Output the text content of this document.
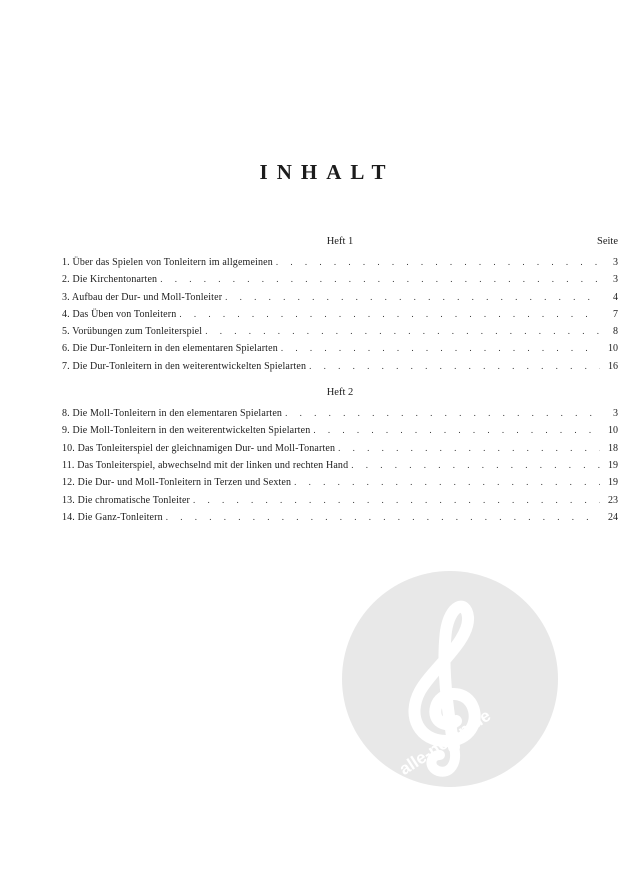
alle-noten.de
INHALT
Heft 1	Seite
1. Über das Spielen von Tonleitern im allgemeinen . . .	3
2. Die Kirchentonarten . . .	3
3. Aufbau der Dur- und Moll-Tonleiter . . .	4
4. Das Üben von Tonleitern . . .	7
5. Vorübungen zum Tonleiterspiel . . .	8
6. Die Dur-Tonleitern in den elementaren Spielarten . . .	10
7. Die Dur-Tonleitern in den weiterentwickelten Spielarten . . .	16
Heft 2
8. Die Moll-Tonleitern in den elementaren Spielarten . . .	3
9. Die Moll-Tonleitern in den weiterentwickelten Spielarten . . .	10
10. Das Tonleiterspiel der gleichnamigen Dur- und Moll-Tonarten . . .	18
11. Das Tonleiterspiel, abwechselnd mit der linken und rechten Hand . . .	19
12. Die Dur- und Moll-Tonleitern in Terzen und Sexten . . .	19
13. Die chromatische Tonleiter . . .	23
14. Die Ganz-Tonleitern . . .	24
